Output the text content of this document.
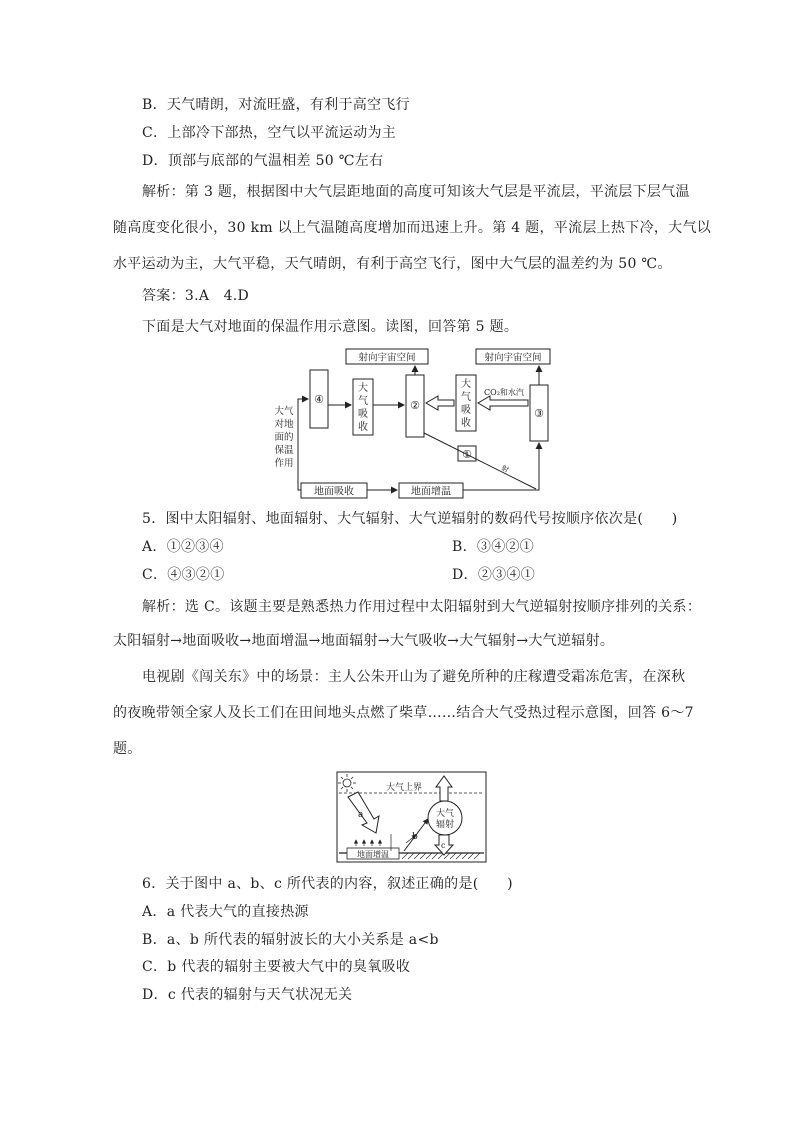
B．天气晴朗，对流旺盛，有利于高空飞行
C．上部冷下部热，空气以平流运动为主
D．顶部与底部的气温相差 50 ℃左右
解析：第 3 题，根据图中大气层距地面的高度可知该大气层是平流层，平流层下层气温
随高度变化很小，30 km 以上气温随高度增加而迅速上升。第 4 题，平流层上热下冷，大气以
水平运动为主，大气平稳，天气晴朗，有利于高空飞行，图中大气层的温差约为 50 ℃。
答案：3.A　4.D
下面是大气对地面的保温作用示意图。读图，回答第 5 题。
射向宇宙空间	射向宇宙空间
④	②
③
①
大
气
吸
收
大
气
吸
收
CO₂和水汽
大气
对地
面的
保温
作用
地面吸收	地面增温
射
5．图中太阳辐射、地面辐射、大气辐射、大气逆辐射的数码代号按顺序依次是(　　)
A．①②③④	B．③④②①
C．④③②①	D．②③④①
解析：选 C。该题主要是熟悉热力作用过程中太阳辐射到大气逆辐射按顺序排列的关系：
太阳辐射→地面吸收→地面增温→地面辐射→大气吸收→大气辐射→大气逆辐射。
电视剧《闯关东》中的场景：主人公朱开山为了避免所种的庄稼遭受霜冻危害，在深秋
的夜晚带领全家人及长工们在田间地头点燃了柴草……结合大气受热过程示意图，回答 6～7
题。
大气上界
大气
辐射
a
b
c
地面增温
6．关于图中 a、b、c 所代表的内容，叙述正确的是(　　)
A．a 代表大气的直接热源
B．a、b 所代表的辐射波长的大小关系是 a<b
C．b 代表的辐射主要被大气中的臭氧吸收
D．c 代表的辐射与天气状况无关
